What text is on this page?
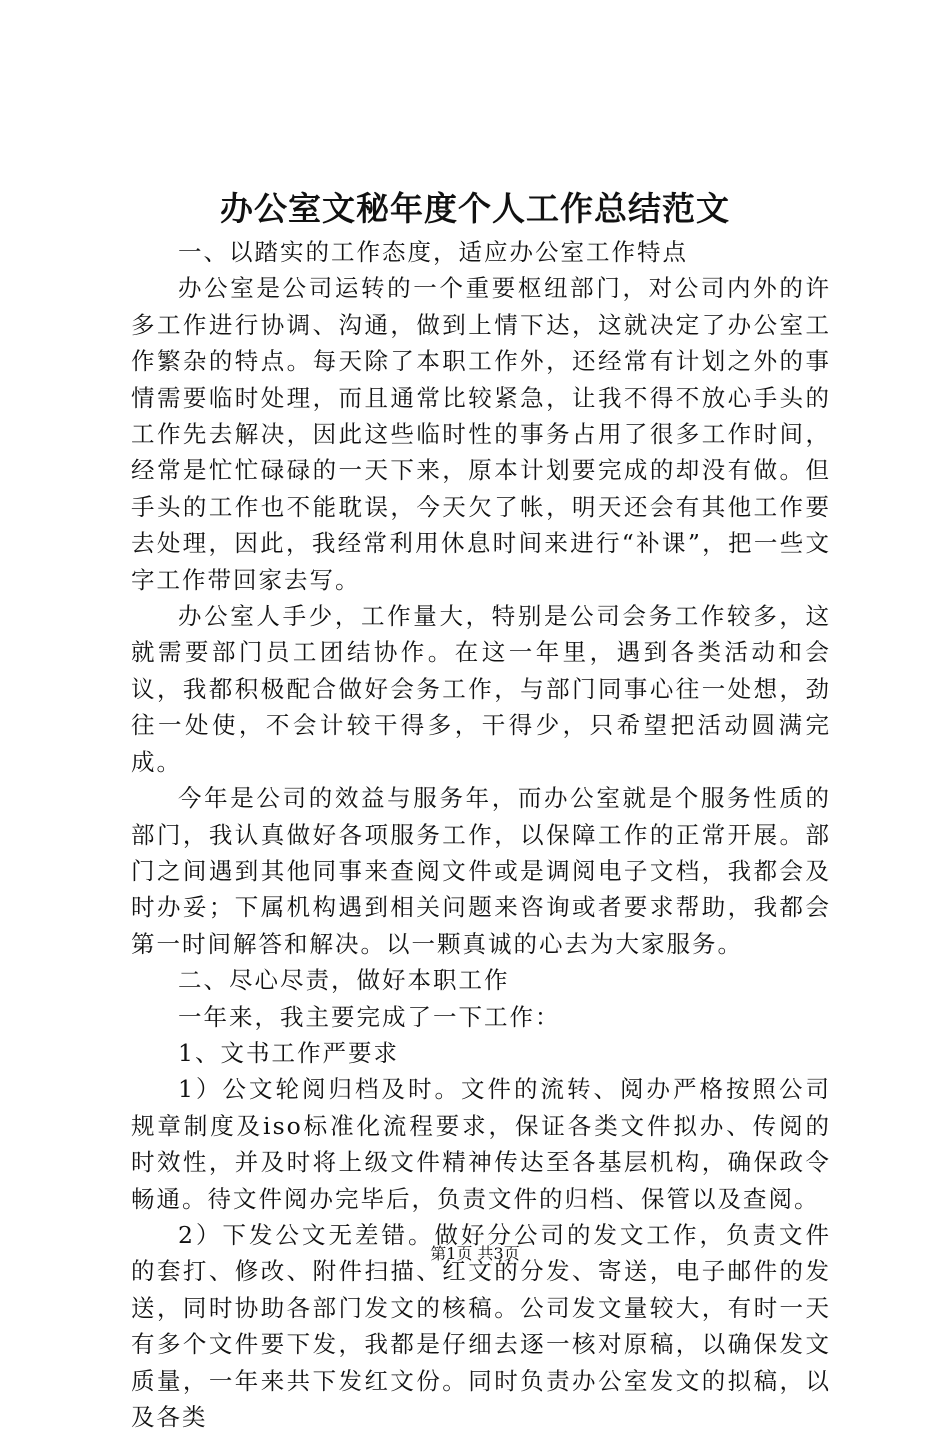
办公室文秘年度个人工作总结范文

一、以踏实的工作态度，适应办公室工作特点

办公室是公司运转的一个重要枢纽部门，对公司内外的许多工作进行协调、沟通，做到上情下达，这就决定了办公室工作繁杂的特点。每天除了本职工作外，还经常有计划之外的事情需要临时处理，而且通常比较紧急，让我不得不放心手头的工作先去解决，因此这些临时性的事务占用了很多工作时间，经常是忙忙碌碌的一天下来，原本计划要完成的却没有做。但手头的工作也不能耽误，今天欠了帐，明天还会有其他工作要去处理，因此，我经常利用休息时间来进行“补课”，把一些文字工作带回家去写。

办公室人手少，工作量大，特别是公司会务工作较多，这就需要部门员工团结协作。在这一年里，遇到各类活动和会议，我都积极配合做好会务工作，与部门同事心往一处想，劲往一处使，不会计较干得多，干得少，只希望把活动圆满完成。

今年是公司的效益与服务年，而办公室就是个服务性质的部门，我认真做好各项服务工作，以保障工作的正常开展。部门之间遇到其他同事来查阅文件或是调阅电子文档，我都会及时办妥；下属机构遇到相关问题来咨询或者要求帮助，我都会第一时间解答和解决。以一颗真诚的心去为大家服务。

二、尽心尽责，做好本职工作

一年来，我主要完成了一下工作：

1、文书工作严要求

1）公文轮阅归档及时。文件的流转、阅办严格按照公司规章制度及iso标准化流程要求，保证各类文件拟办、传阅的时效性，并及时将上级文件精神传达至各基层机构，确保政令畅通。待文件阅办完毕后，负责文件的归档、保管以及查阅。

2）下发公文无差错。做好分公司的发文工作，负责文件的套打、修改、附件扫描、红文的分发、寄送，电子邮件的发送，同时协助各部门发文的核稿。公司发文量较大，有时一天有多个文件要下发，我都是仔细去逐一核对原稿，以确保发文质量，一年来共下发红文份。同时负责办公室发文的拟稿，以及各类

第1页 共3页
